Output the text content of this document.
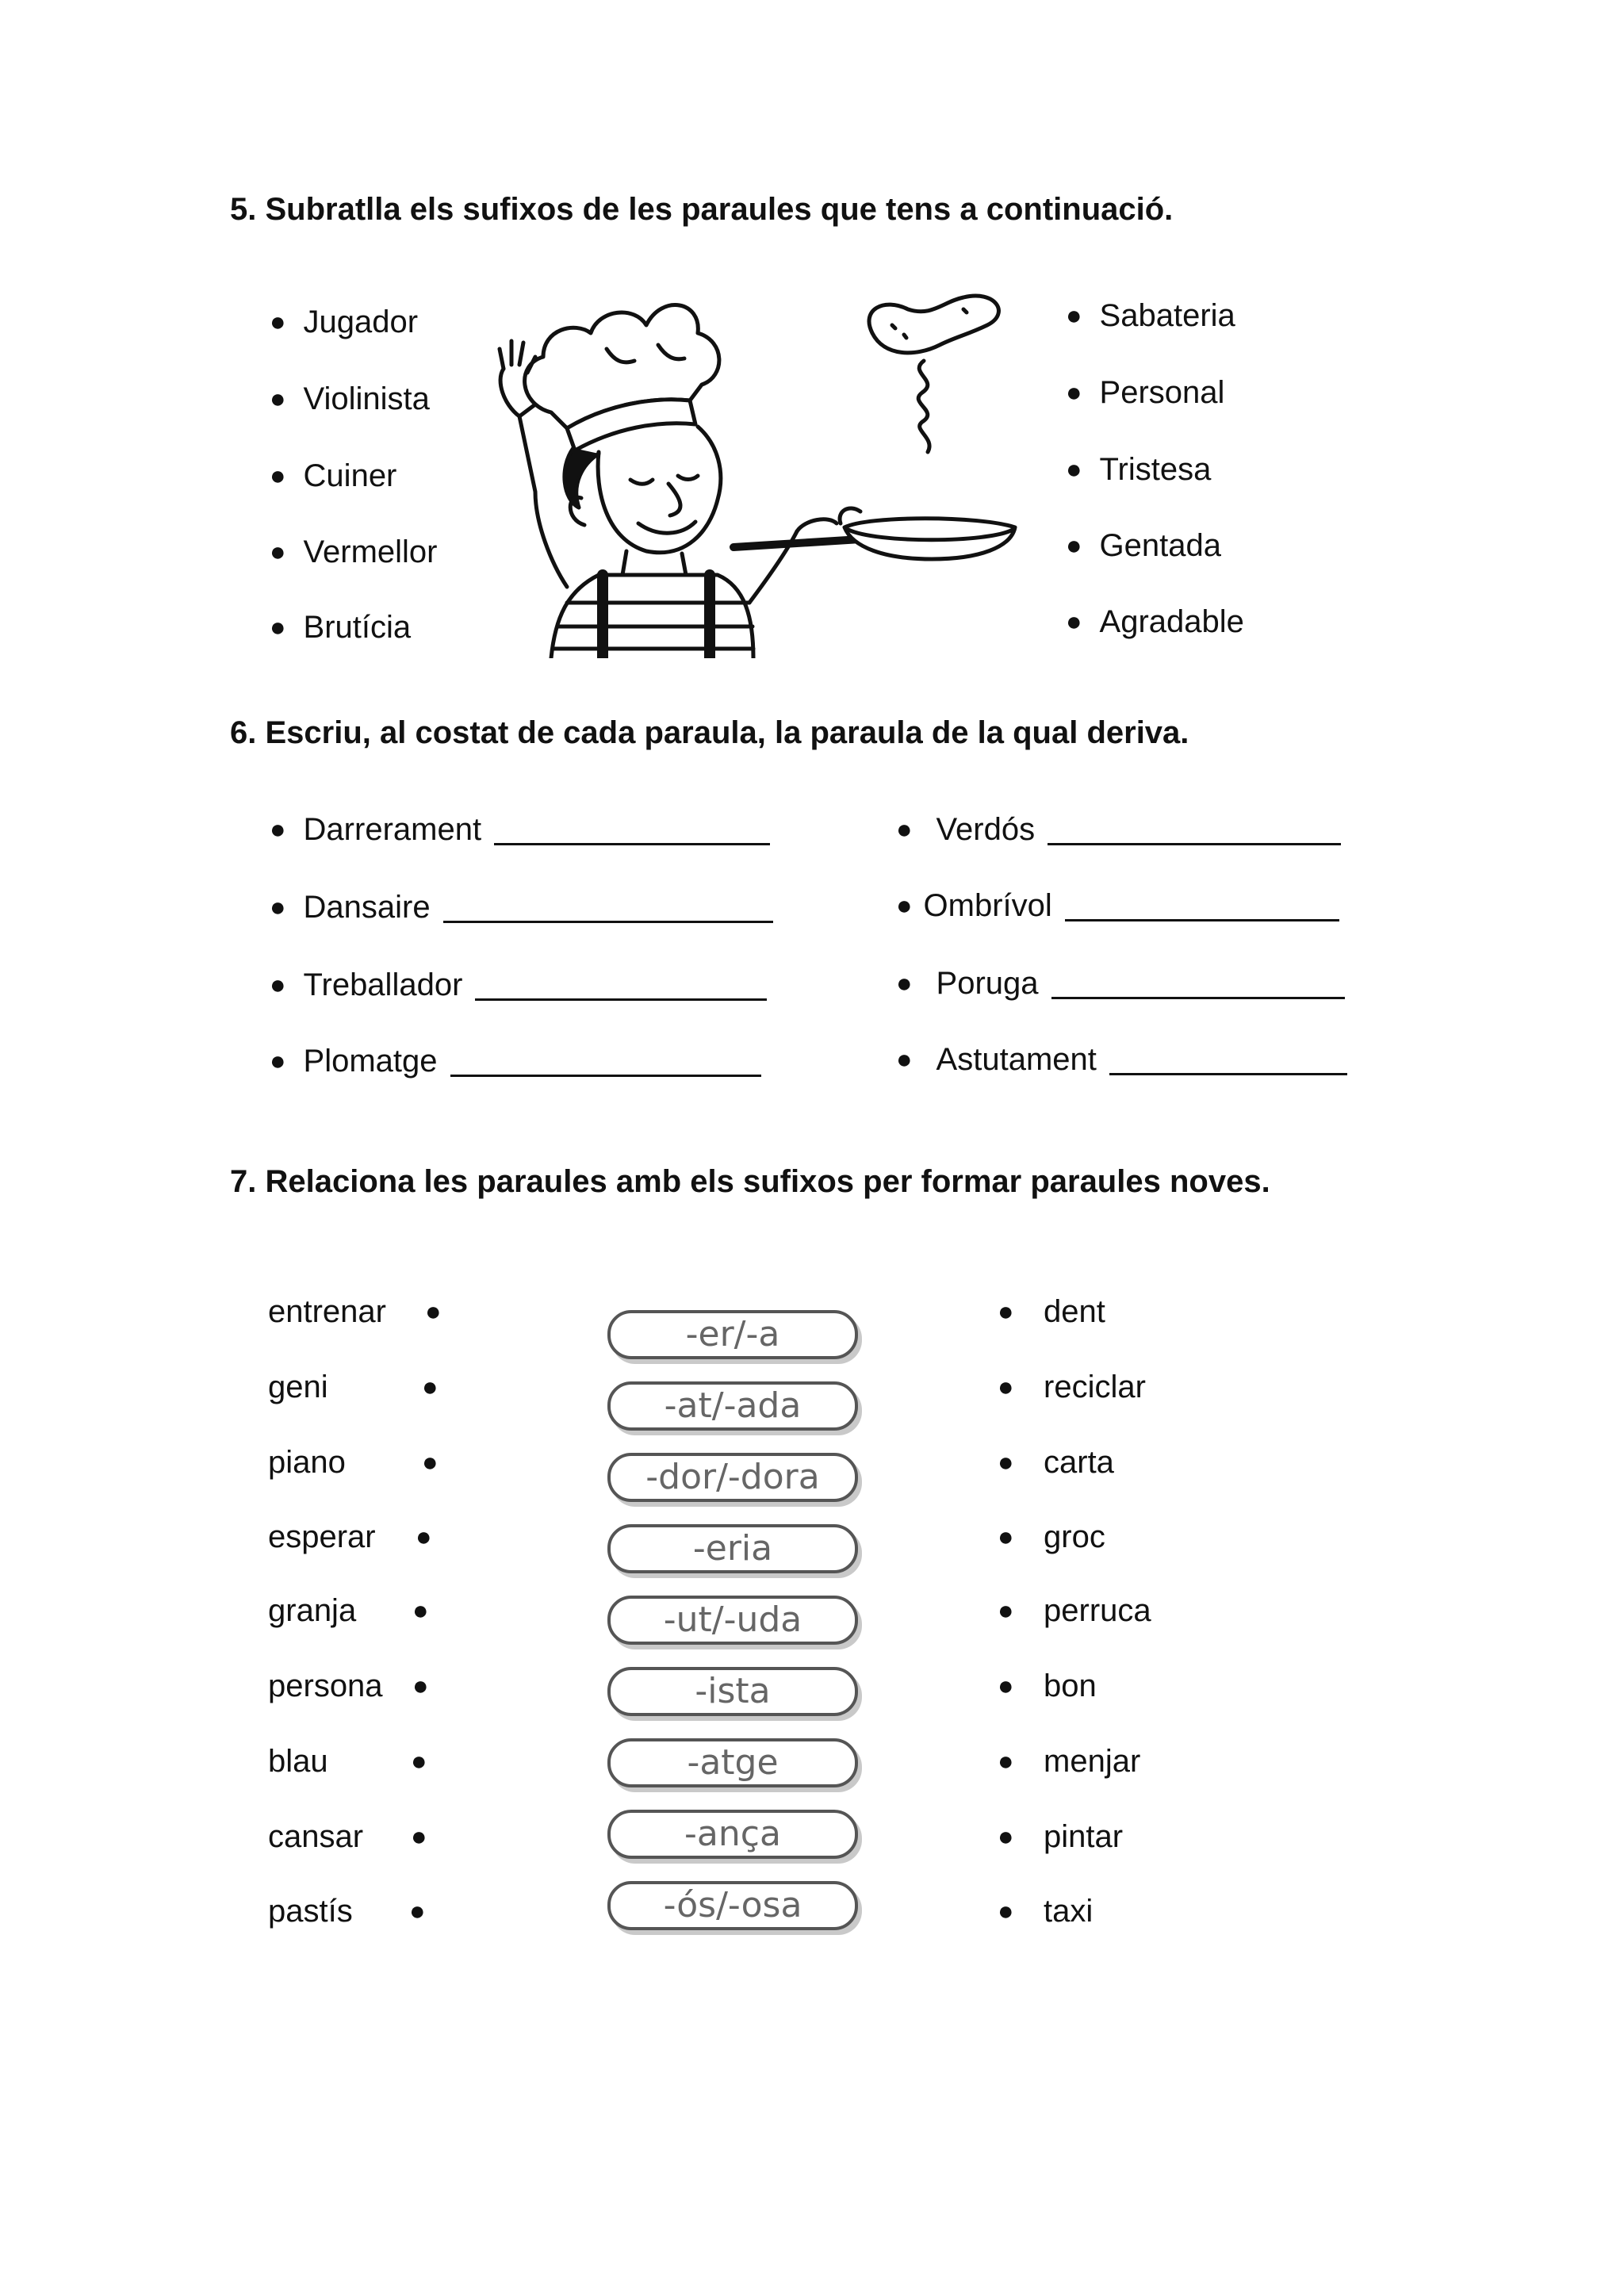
5. Subratlla els sufixos de les paraules que tens a continuació.
● Jugador
● Violinista
● Cuiner
● Vermellor
● Brutícia
● Sabateria
● Personal
● Tristesa
● Gentada
● Agradable
6. Escriu, al costat de cada paraula, la paraula de la qual deriva.
● Darrerament
● Dansaire
● Treballador
● Plomatge
● Verdós
● Ombrívol
● Poruga
● Astutament
7. Relaciona les paraules amb els sufixos per formar paraules noves.
entrenar
geni
piano
esperar
granja
persona
blau
cansar
pastís
●
●
●
●
●
●
●
●
●
-er/-a
-at/-ada
-dor/-dora
-eria
-ut/-uda
-ista
-atge
-ança
-ós/-osa
●
●
●
●
●
●
●
●
●
dent
reciclar
carta
groc
perruca
bon
menjar
pintar
taxi
